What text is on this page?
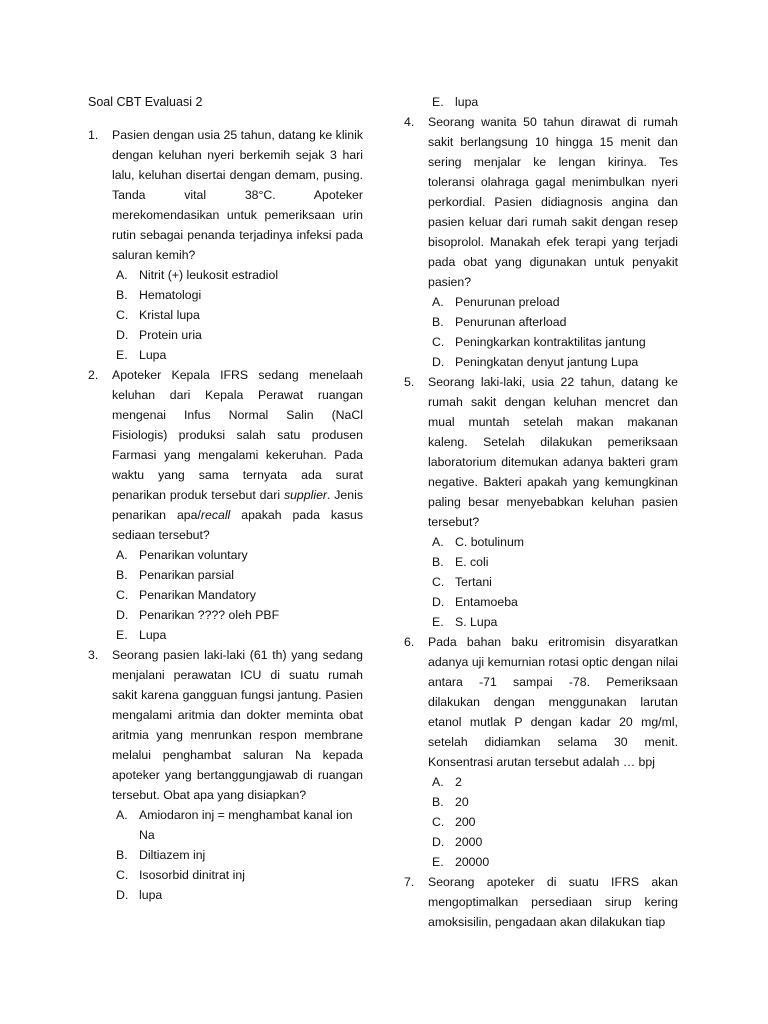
Soal CBT Evaluasi 2
1. Pasien dengan usia 25 tahun, datang ke klinik dengan keluhan nyeri berkemih sejak 3 hari lalu, keluhan disertai dengan demam, pusing. Tanda vital 38°C. Apoteker merekomendasikan untuk pemeriksaan urin rutin sebagai penanda terjadinya infeksi pada saluran kemih?
A. Nitrit (+) leukosit estradiol
B. Hematologi
C. Kristal lupa
D. Protein uria
E. Lupa
2. Apoteker Kepala IFRS sedang menelaah keluhan dari Kepala Perawat ruangan mengenai Infus Normal Salin (NaCl Fisiologis) produksi salah satu produsen Farmasi yang mengalami kekeruhan. Pada waktu yang sama ternyata ada surat penarikan produk tersebut dari supplier. Jenis penarikan apa/recall apakah pada kasus sediaan tersebut?
A. Penarikan voluntary
B. Penarikan parsial
C. Penarikan Mandatory
D. Penarikan ???? oleh PBF
E. Lupa
3. Seorang pasien laki-laki (61 th) yang sedang menjalani perawatan ICU di suatu rumah sakit karena gangguan fungsi jantung. Pasien mengalami aritmia dan dokter meminta obat aritmia yang menrunkan respon membrane melalui penghambat saluran Na kepada apoteker yang bertanggungjawab di ruangan tersebut. Obat apa yang disiapkan?
A. Amiodaron inj = menghambat kanal ion Na
B. Diltiazem inj
C. Isosorbid dinitrat inj
D. lupa
E. lupa
4. Seorang wanita 50 tahun dirawat di rumah sakit berlangsung 10 hingga 15 menit dan sering menjalar ke lengan kirinya. Tes toleransi olahraga gagal menimbulkan nyeri perkordial. Pasien didiagnosis angina dan pasien keluar dari rumah sakit dengan resep bisoprolol. Manakah efek terapi yang terjadi pada obat yang digunakan untuk penyakit pasien?
A. Penurunan preload
B. Penurunan afterload
C. Peningkarkan kontraktilitas jantung
D. Peningkatan denyut jantung Lupa
5. Seorang laki-laki, usia 22 tahun, datang ke rumah sakit dengan keluhan mencret dan mual muntah setelah makan makanan kaleng. Setelah dilakukan pemeriksaan laboratorium ditemukan adanya bakteri gram negative. Bakteri apakah yang kemungkinan paling besar menyebabkan keluhan pasien tersebut?
A. C. botulinum
B. E. coli
C. Tertani
D. Entamoeba
E. S. Lupa
6. Pada bahan baku eritromisin disyaratkan adanya uji kemurnian rotasi optic dengan nilai antara -71 sampai -78. Pemeriksaan dilakukan dengan menggunakan larutan etanol mutlak P dengan kadar 20 mg/ml, setelah didiamkan selama 30 menit. Konsentrasi arutan tersebut adalah … bpj
A. 2
B. 20
C. 200
D. 2000
E. 20000
7. Seorang apoteker di suatu IFRS akan mengoptimalkan persediaan sirup kering amoksisilin, pengadaan akan dilakukan tiap
